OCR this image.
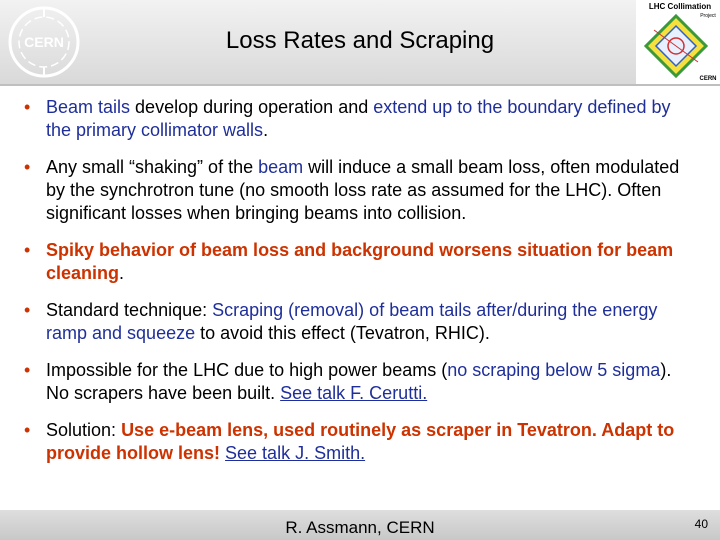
CERN	Loss Rates and Scraping
LHC Collimation
Project
CERN
• Beam tails develop during operation and extend up to the boundary defined by the primary collimator walls.
• Any small “shaking” of the beam will induce a small beam loss, often modulated by the synchrotron tune (no smooth loss rate as assumed for the LHC). Often significant losses when bringing beams into collision.
• Spiky behavior of beam loss and background worsens situation for beam cleaning.
• Standard technique: Scraping (removal) of beam tails after/during the energy ramp and squeeze to avoid this effect (Tevatron, RHIC).
• Impossible for the LHC due to high power beams (no scraping below 5 sigma). No scrapers have been built. See talk F. Cerutti.
• Solution: Use e-beam lens, used routinely as scraper in Tevatron. Adapt to provide hollow lens! See talk J. Smith.
R. Assmann, CERN	40
